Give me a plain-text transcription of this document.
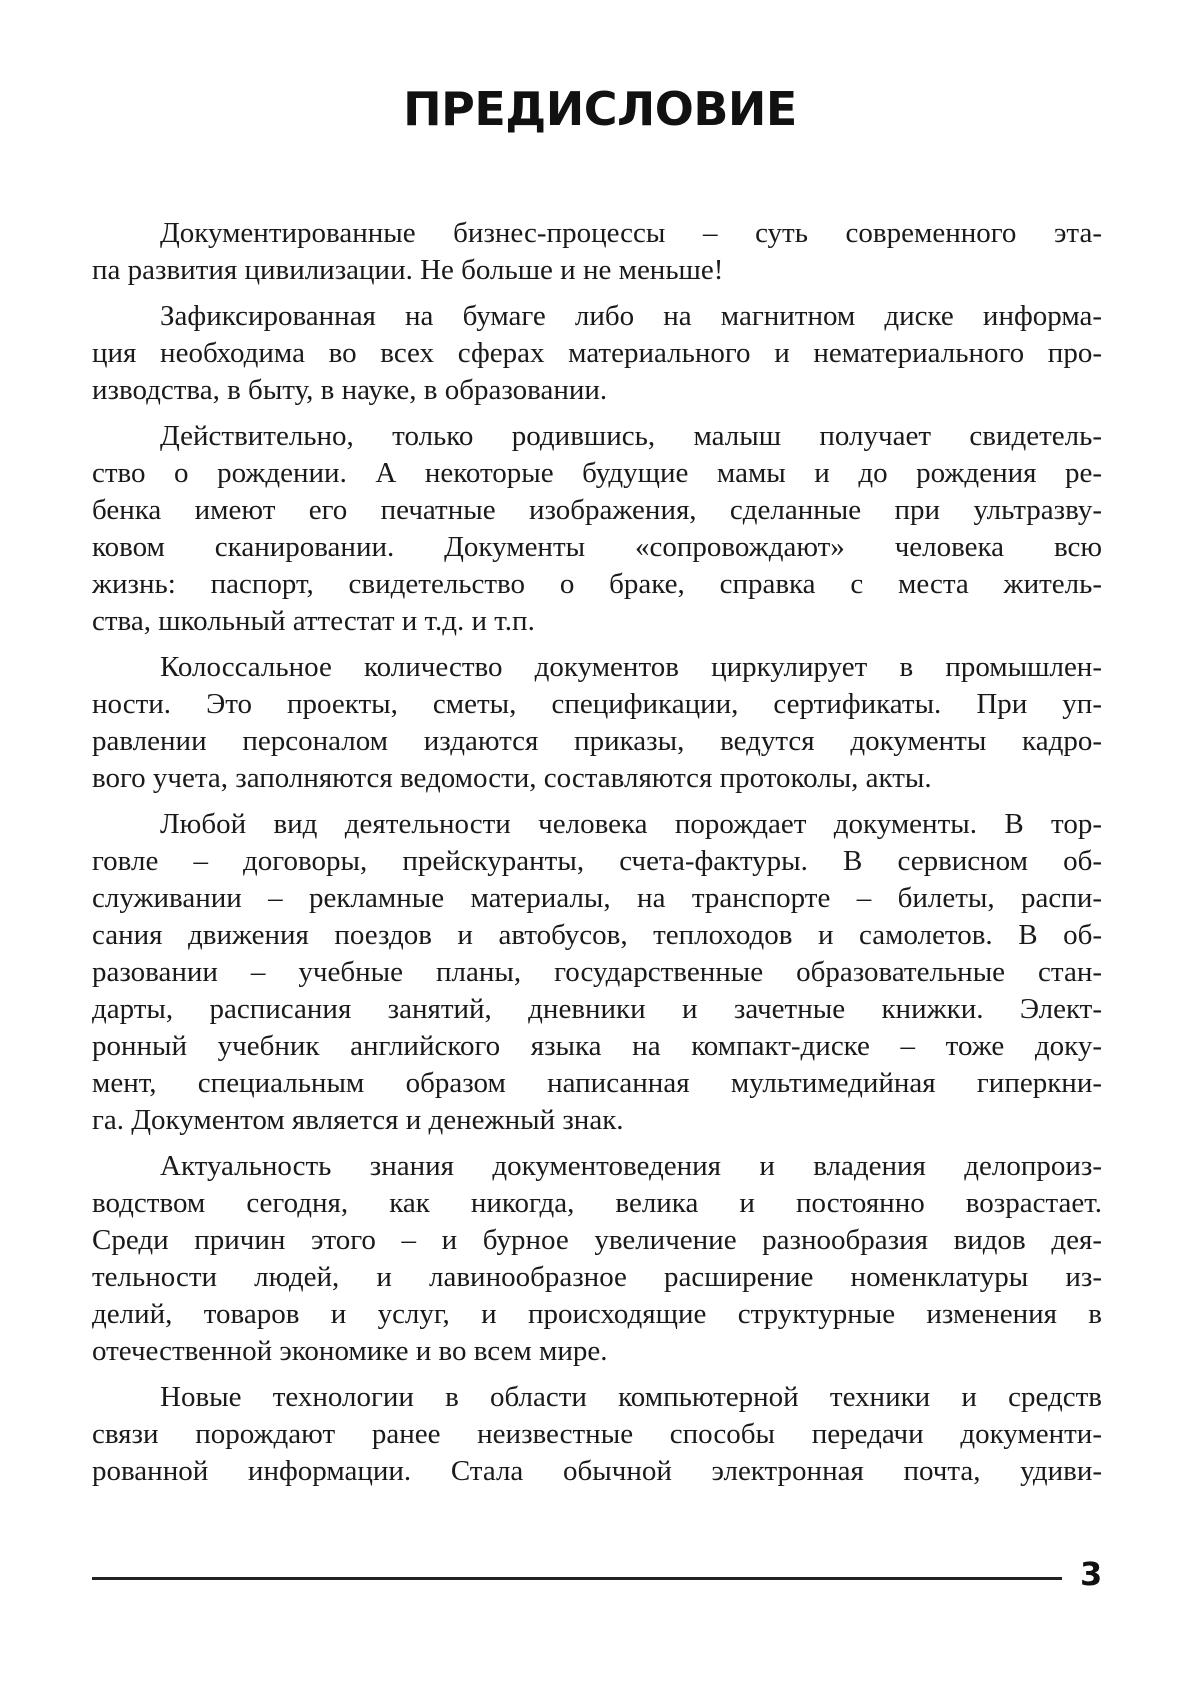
ПРЕДИСЛОВИЕ
Документированные бизнес-процессы – суть современного эта-
па развития цивилизации. Не больше и не меньше!
Зафиксированная на бумаге либо на магнитном диске информа-
ция необходима во всех сферах материального и нематериального про-
изводства, в быту, в науке, в образовании.
Действительно, только родившись, малыш получает свидетель-
ство о рождении. А некоторые будущие мамы и до рождения ре-
бенка имеют его печатные изображения, сделанные при ультразву-
ковом сканировании. Документы «сопровождают» человека всю
жизнь: паспорт, свидетельство о браке, справка с места житель-
ства, школьный аттестат и т.д. и т.п.
Колоссальное количество документов циркулирует в промышлен-
ности. Это проекты, сметы, спецификации, сертификаты. При уп-
равлении персоналом издаются приказы, ведутся документы кадро-
вого учета, заполняются ведомости, составляются протоколы, акты.
Любой вид деятельности человека порождает документы. В тор-
говле – договоры, прейскуранты, счета-фактуры. В сервисном об-
служивании – рекламные материалы, на транспорте – билеты, распи-
сания движения поездов и автобусов, теплоходов и самолетов. В об-
разовании – учебные планы, государственные образовательные стан-
дарты, расписания занятий, дневники и зачетные книжки. Элект-
ронный учебник английского языка на компакт-диске – тоже доку-
мент, специальным образом написанная мультимедийная гиперкни-
га. Документом является и денежный знак.
Актуальность знания документоведения и владения делопроиз-
водством сегодня, как никогда, велика и постоянно возрастает.
Среди причин этого – и бурное увеличение разнообразия видов дея-
тельности людей, и лавинообразное расширение номенклатуры из-
делий, товаров и услуг, и происходящие структурные изменения в
отечественной экономике и во всем мире.
Новые технологии в области компьютерной техники и средств
связи порождают ранее неизвестные способы передачи документи-
рованной информации. Стала обычной электронная почта, удиви-
3
